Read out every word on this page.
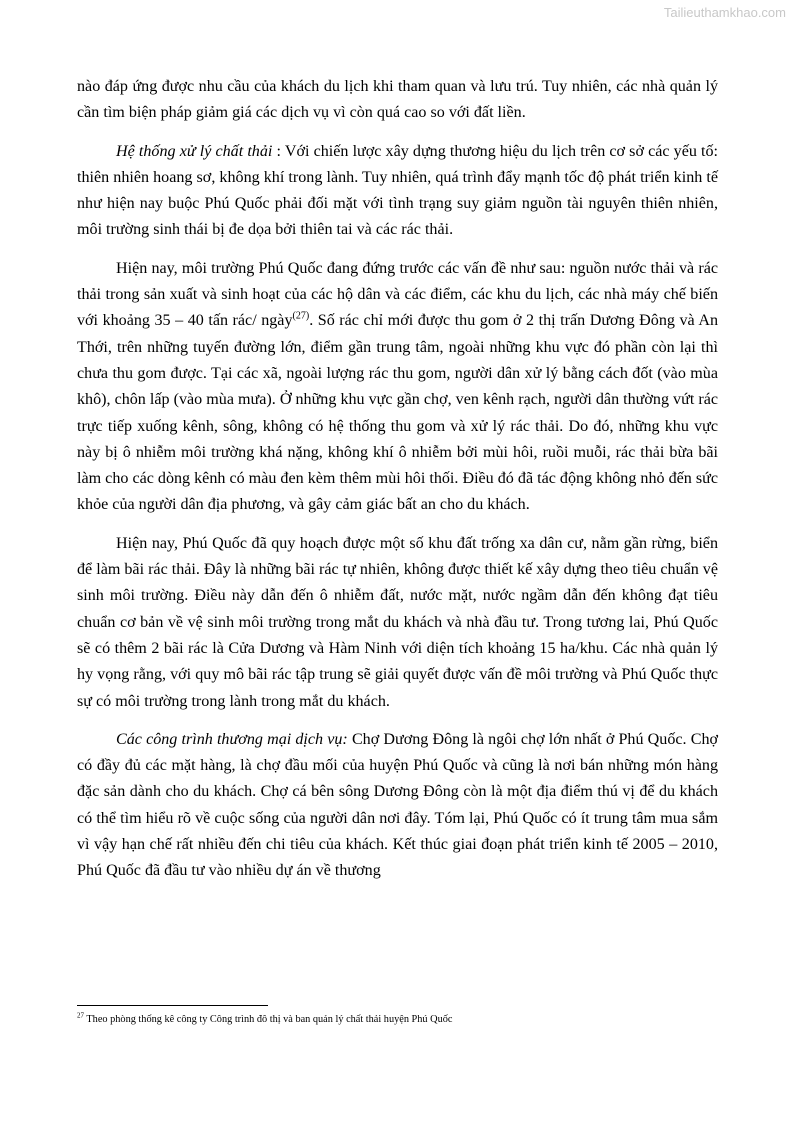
Tailieuthamkhao.com

nào đáp ứng được nhu cầu của khách du lịch khi tham quan và lưu trú. Tuy nhiên, các nhà quản lý cần tìm biện pháp giảm giá các dịch vụ vì còn quá cao so với đất liền.

Hệ thống xử lý chất thải : Với chiến lược xây dựng thương hiệu du lịch trên cơ sở các yếu tố: thiên nhiên hoang sơ, không khí trong lành. Tuy nhiên, quá trình đẩy mạnh tốc độ phát triển kinh tế như hiện nay buộc Phú Quốc phải đối mặt với tình trạng suy giảm nguồn tài nguyên thiên nhiên, môi trường sinh thái bị đe dọa bởi thiên tai và các rác thải.

Hiện nay, môi trường Phú Quốc đang đứng trước các vấn đề như sau: nguồn nước thải và rác thải trong sản xuất và sinh hoạt của các hộ dân và các điểm, các khu du lịch, các nhà máy chế biến với khoảng 35 – 40 tấn rác/ ngày$^{(27)}$. Số rác chỉ mới được thu gom ở 2 thị trấn Dương Đông và An Thới, trên những tuyến đường lớn, điểm gần trung tâm, ngoài những khu vực đó phần còn lại thì chưa thu gom được. Tại các xã, ngoài lượng rác thu gom, người dân xử lý bằng cách đốt (vào mùa khô), chôn lấp (vào mùa mưa). Ở những khu vực gần chợ, ven kênh rạch, người dân thường vứt rác trực tiếp xuống kênh, sông, không có hệ thống thu gom và xử lý rác thải. Do đó, những khu vực này bị ô nhiễm môi trường khá nặng, không khí ô nhiễm bởi mùi hôi, ruồi muỗi, rác thải bừa bãi làm cho các dòng kênh có màu đen kèm thêm mùi hôi thối. Điều đó đã tác động không nhỏ đến sức khỏe của người dân địa phương, và gây cảm giác bất an cho du khách.

Hiện nay, Phú Quốc đã quy hoạch được một số khu đất trống xa dân cư, nằm gần rừng, biển để làm bãi rác thải. Đây là những bãi rác tự nhiên, không được thiết kế xây dựng theo tiêu chuẩn vệ sinh môi trường. Điều này dẫn đến ô nhiễm đất, nước mặt, nước ngầm dẫn đến không đạt tiêu chuẩn cơ bản về vệ sinh môi trường trong mắt du khách và nhà đầu tư. Trong tương lai, Phú Quốc sẽ có thêm 2 bãi rác là Cửa Dương và Hàm Ninh với diện tích khoảng 15 ha/khu. Các nhà quản lý hy vọng rằng, với quy mô bãi rác tập trung sẽ giải quyết được vấn đề môi trường và Phú Quốc thực sự có môi trường trong lành trong mắt du khách.

Các công trình thương mại dịch vụ: Chợ Dương Đông là ngôi chợ lớn nhất ở Phú Quốc. Chợ có đầy đủ các mặt hàng, là chợ đầu mối của huyện Phú Quốc và cũng là nơi bán những món hàng đặc sản dành cho du khách. Chợ cá bên sông Dương Đông còn là một địa điểm thú vị để du khách có thể tìm hiểu rõ về cuộc sống của người dân nơi đây. Tóm lại, Phú Quốc có ít trung tâm mua sắm vì vậy hạn chế rất nhiều đến chi tiêu của khách. Kết thúc giai đoạn phát triển kinh tế 2005 – 2010, Phú Quốc đã đầu tư vào nhiều dự án về thương

$^{27}$ Theo phòng thống kê công ty Công trình đô thị và ban quản lý chất thải huyện Phú Quốc
